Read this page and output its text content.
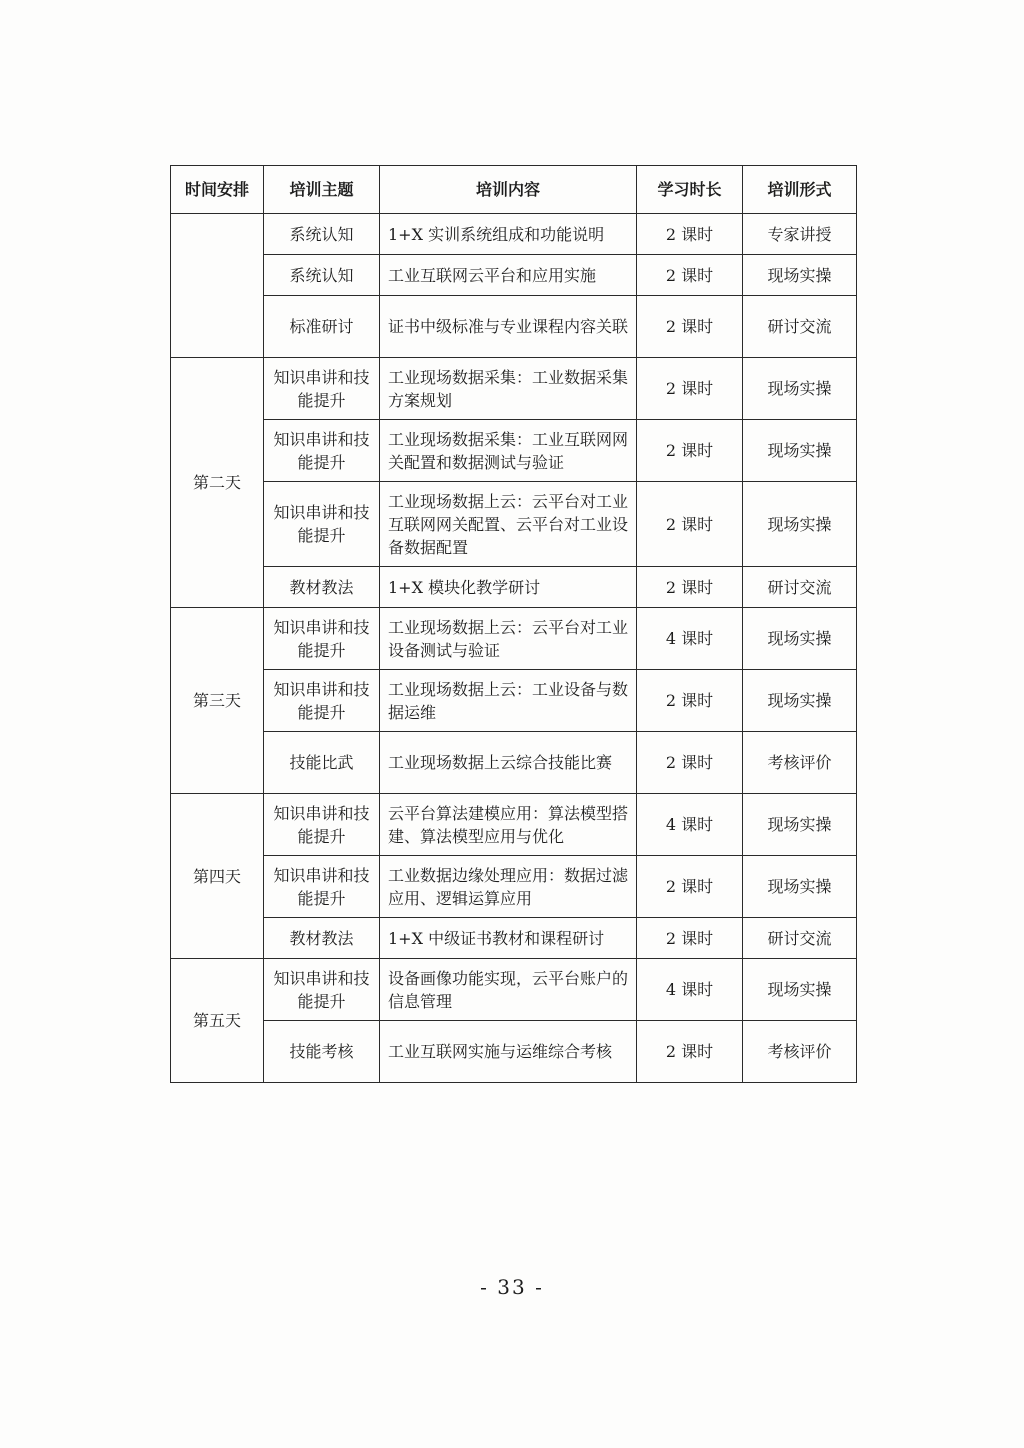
时间安排	培训主题	培训内容	学习时长	培训形式
	系统认知	1+X 实训系统组成和功能说明	2 课时	专家讲授
	系统认知	工业互联网云平台和应用实施	2 课时	现场实操
	标准研讨	证书中级标准与专业课程内容关联	2 课时	研讨交流
第二天	知识串讲和技能提升	工业现场数据采集：工业数据采集方案规划	2 课时	现场实操
	知识串讲和技能提升	工业现场数据采集：工业互联网网关配置和数据测试与验证	2 课时	现场实操
	知识串讲和技能提升	工业现场数据上云：云平台对工业互联网网关配置、云平台对工业设备数据配置	2 课时	现场实操
	教材教法	1+X 模块化教学研讨	2 课时	研讨交流
第三天	知识串讲和技能提升	工业现场数据上云：云平台对工业设备测试与验证	4 课时	现场实操
	知识串讲和技能提升	工业现场数据上云：工业设备与数据运维	2 课时	现场实操
	技能比武	工业现场数据上云综合技能比赛	2 课时	考核评价
第四天	知识串讲和技能提升	云平台算法建模应用：算法模型搭建、算法模型应用与优化	4 课时	现场实操
	知识串讲和技能提升	工业数据边缘处理应用：数据过滤应用、逻辑运算应用	2 课时	现场实操
	教材教法	1+X 中级证书教材和课程研讨	2 课时	研讨交流
第五天	知识串讲和技能提升	设备画像功能实现，云平台账户的信息管理	4 课时	现场实操
	技能考核	工业互联网实施与运维综合考核	2 课时	考核评价
- 33 -
